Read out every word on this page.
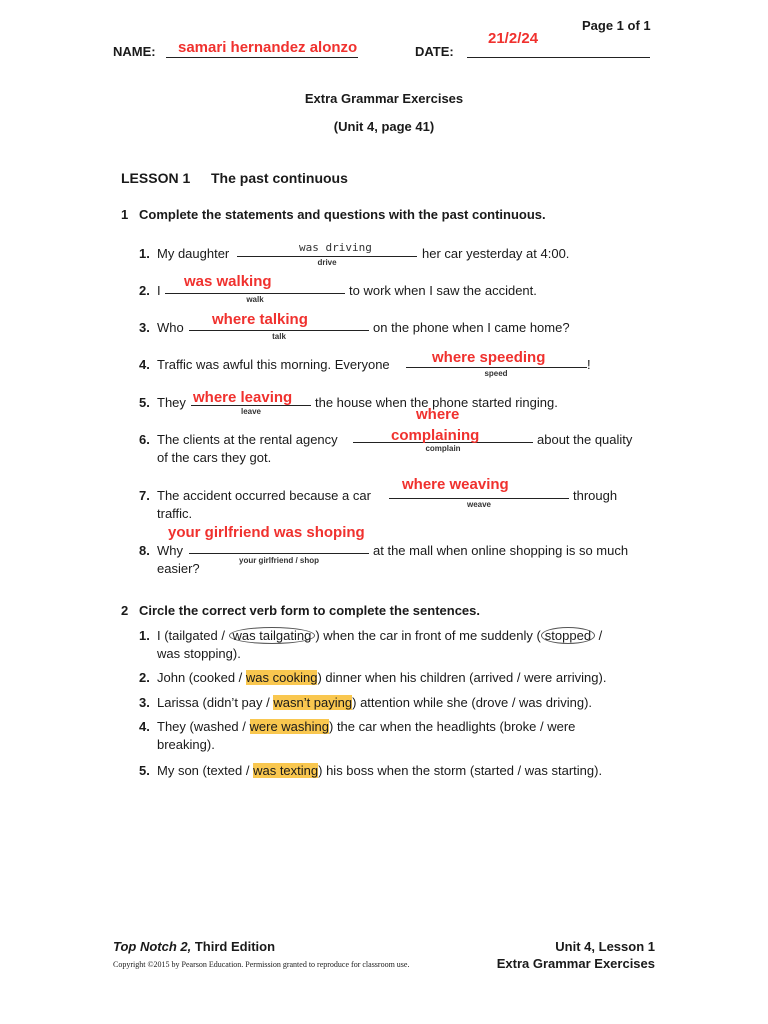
Page 1 of 1
NAME: samari hernandez alonzo	DATE:
21/2/24
Extra Grammar Exercises
(Unit 4, page 41)
LESSON 1 The past continuous
1 Complete the statements and questions with the past continuous.
1. My daughter	was driving
drive
her car yesterday at 4:00.
2. I
was walking
walk
to work when I saw the accident.
3. Who where talking
talk
on the phone when I came home?
4. Traffic was awful this morning. Everyone	where speeding
speed
!
5. They where leaving
leave
the house when the phone started ringing.
6. The clients at the rental agency
where
complaining
complain
about the quality
of the cars they got.
7. The accident occurred because a car
where weaving
weave
through
traffic.
8. Why
your girlfriend was shoping
your girlfriend / shop
at the mall when online shopping is so much
easier?
2 Circle the correct verb form to complete the sentences.
1. I (tailgated / was tailgating ) when the car in front of me suddenly ( stopped /
was stopping).
2. John (cooked / was cooking) dinner when his children (arrived / were arriving).
3. Larissa (didn’t pay / wasn’t paying) attention while she (drove / was driving).
4. They (washed / were washing) the car when the headlights (broke / were
breaking).
5. My son (texted / was texting) his boss when the storm (started / was starting).
Top Notch 2, Third Edition
Copyright ©2015 by Pearson Education. Permission granted to reproduce for classroom use.
Unit 4, Lesson 1
Extra Grammar Exercises
